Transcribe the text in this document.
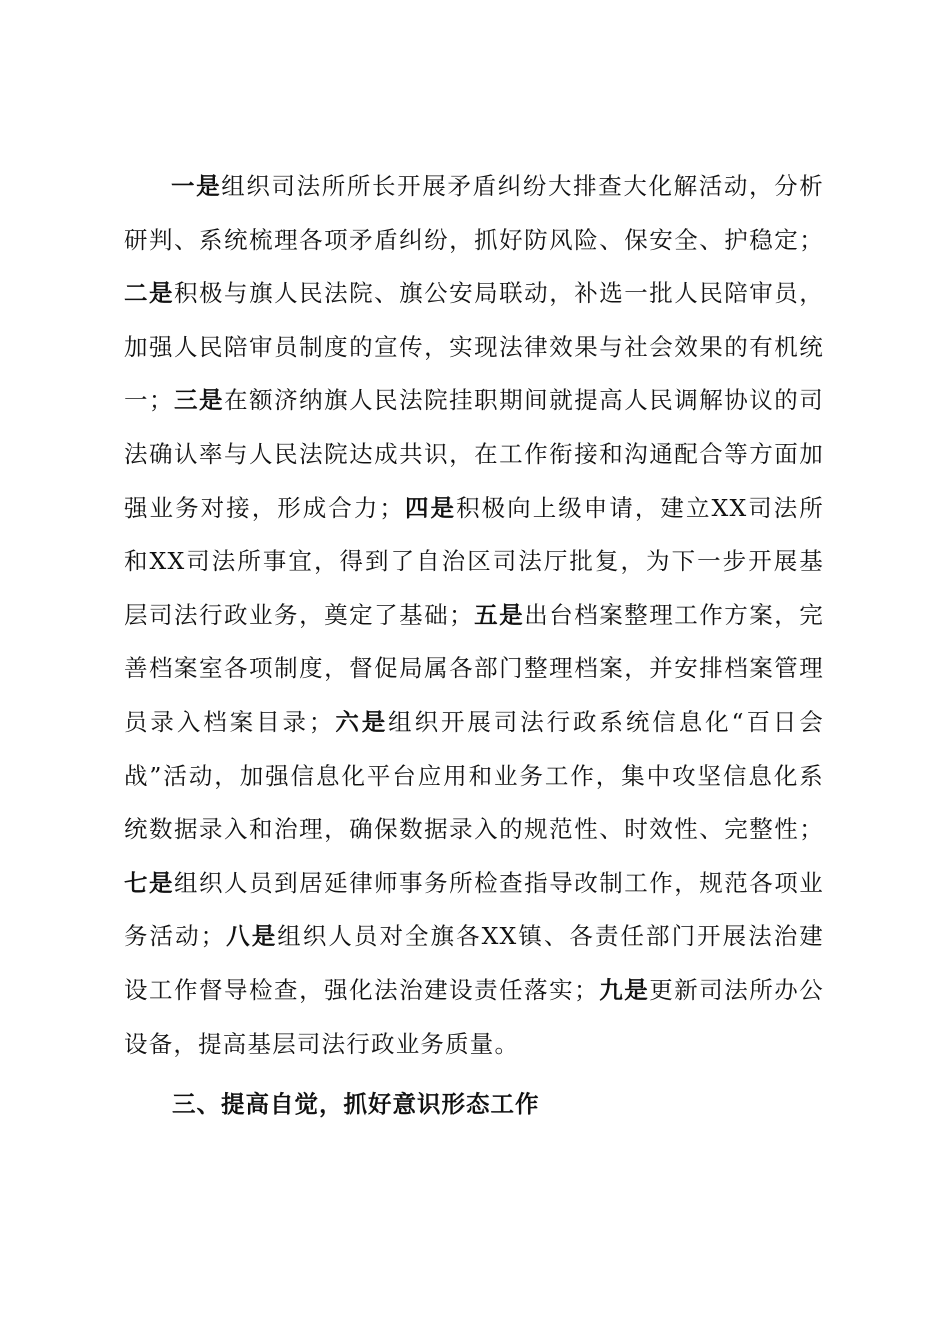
一是组织司法所所长开展矛盾纠纷大排查大化解活动，分析研判、系统梳理各项矛盾纠纷，抓好防风险、保安全、护稳定；二是积极与旗人民法院、旗公安局联动，补选一批人民陪审员，加强人民陪审员制度的宣传，实现法律效果与社会效果的有机统一；三是在额济纳旗人民法院挂职期间就提高人民调解协议的司法确认率与人民法院达成共识，在工作衔接和沟通配合等方面加强业务对接，形成合力；四是积极向上级申请，建立XX司法所和XX司法所事宜，得到了自治区司法厅批复，为下一步开展基层司法行政业务，奠定了基础；五是出台档案整理工作方案，完善档案室各项制度，督促局属各部门整理档案，并安排档案管理员录入档案目录；六是组织开展司法行政系统信息化“百日会战”活动，加强信息化平台应用和业务工作，集中攻坚信息化系统数据录入和治理，确保数据录入的规范性、时效性、完整性；七是组织人员到居延律师事务所检查指导改制工作，规范各项业务活动；八是组织人员对全旗各XX镇、各责任部门开展法治建设工作督导检查，强化法治建设责任落实；九是更新司法所办公设备，提高基层司法行政业务质量。

三、提高自觉，抓好意识形态工作
